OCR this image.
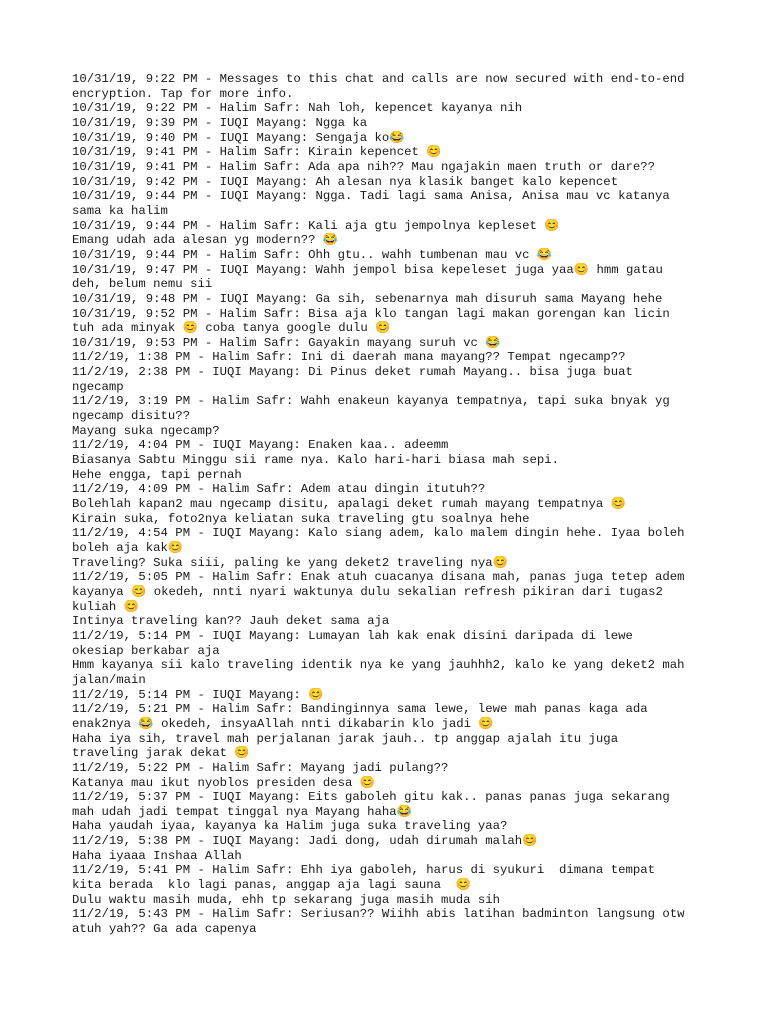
10/31/19, 9:22 PM - Messages to this chat and calls are now secured with end-to-end
encryption. Tap for more info.
10/31/19, 9:22 PM - Halim Safr: Nah loh, kepencet kayanya nih
10/31/19, 9:39 PM - IUQI Mayang: Ngga ka
10/31/19, 9:40 PM - IUQI Mayang: Sengaja ko😂
10/31/19, 9:41 PM - Halim Safr: Kirain kepencet 😊
10/31/19, 9:41 PM - Halim Safr: Ada apa nih?? Mau ngajakin maen truth or dare??
10/31/19, 9:42 PM - IUQI Mayang: Ah alesan nya klasik banget kalo kepencet
10/31/19, 9:44 PM - IUQI Mayang: Ngga. Tadi lagi sama Anisa, Anisa mau vc katanya
sama ka halim
10/31/19, 9:44 PM - Halim Safr: Kali aja gtu jempolnya kepleset 😊
Emang udah ada alesan yg modern?? 😂
10/31/19, 9:44 PM - Halim Safr: Ohh gtu.. wahh tumbenan mau vc 😂
10/31/19, 9:47 PM - IUQI Mayang: Wahh jempol bisa kepeleset juga yaa😊 hmm gatau
deh, belum nemu sii
10/31/19, 9:48 PM - IUQI Mayang: Ga sih, sebenarnya mah disuruh sama Mayang hehe
10/31/19, 9:52 PM - Halim Safr: Bisa aja klo tangan lagi makan gorengan kan licin
tuh ada minyak 😊 coba tanya google dulu 😊
10/31/19, 9:53 PM - Halim Safr: Gayakin mayang suruh vc 😂
11/2/19, 1:38 PM - Halim Safr: Ini di daerah mana mayang?? Tempat ngecamp??
11/2/19, 2:38 PM - IUQI Mayang: Di Pinus deket rumah Mayang.. bisa juga buat
ngecamp
11/2/19, 3:19 PM - Halim Safr: Wahh enakeun kayanya tempatnya, tapi suka bnyak yg
ngecamp disitu??
Mayang suka ngecamp?
11/2/19, 4:04 PM - IUQI Mayang: Enaken kaa.. adeemm
Biasanya Sabtu Minggu sii rame nya. Kalo hari-hari biasa mah sepi.
Hehe engga, tapi pernah
11/2/19, 4:09 PM - Halim Safr: Adem atau dingin itutuh??
Bolehlah kapan2 mau ngecamp disitu, apalagi deket rumah mayang tempatnya 😊
Kirain suka, foto2nya keliatan suka traveling gtu soalnya hehe
11/2/19, 4:54 PM - IUQI Mayang: Kalo siang adem, kalo malem dingin hehe. Iyaa boleh
boleh aja kak😊
Traveling? Suka siii, paling ke yang deket2 traveling nya😊
11/2/19, 5:05 PM - Halim Safr: Enak atuh cuacanya disana mah, panas juga tetep adem
kayanya 😊 okedeh, nnti nyari waktunya dulu sekalian refresh pikiran dari tugas2
kuliah 😊
Intinya traveling kan?? Jauh deket sama aja
11/2/19, 5:14 PM - IUQI Mayang: Lumayan lah kak enak disini daripada di lewe
okesiap berkabar aja
Hmm kayanya sii kalo traveling identik nya ke yang jauhhh2, kalo ke yang deket2 mah
jalan/main
11/2/19, 5:14 PM - IUQI Mayang: 😊
11/2/19, 5:21 PM - Halim Safr: Bandinginnya sama lewe, lewe mah panas kaga ada
enak2nya 😂 okedeh, insyaAllah nnti dikabarin klo jadi 😊
Haha iya sih, travel mah perjalanan jarak jauh.. tp anggap ajalah itu juga
traveling jarak dekat 😊
11/2/19, 5:22 PM - Halim Safr: Mayang jadi pulang??
Katanya mau ikut nyoblos presiden desa 😊
11/2/19, 5:37 PM - IUQI Mayang: Eits gaboleh gitu kak.. panas panas juga sekarang
mah udah jadi tempat tinggal nya Mayang haha😂
Haha yaudah iyaa, kayanya ka Halim juga suka traveling yaa?
11/2/19, 5:38 PM - IUQI Mayang: Jadi dong, udah dirumah malah😊
Haha iyaaa Inshaa Allah
11/2/19, 5:41 PM - Halim Safr: Ehh iya gaboleh, harus di syukuri  dimana tempat
kita berada  klo lagi panas, anggap aja lagi sauna  😊
Dulu waktu masih muda, ehh tp sekarang juga masih muda sih
11/2/19, 5:43 PM - Halim Safr: Seriusan?? Wiihh abis latihan badminton langsung otw
atuh yah?? Ga ada capenya
